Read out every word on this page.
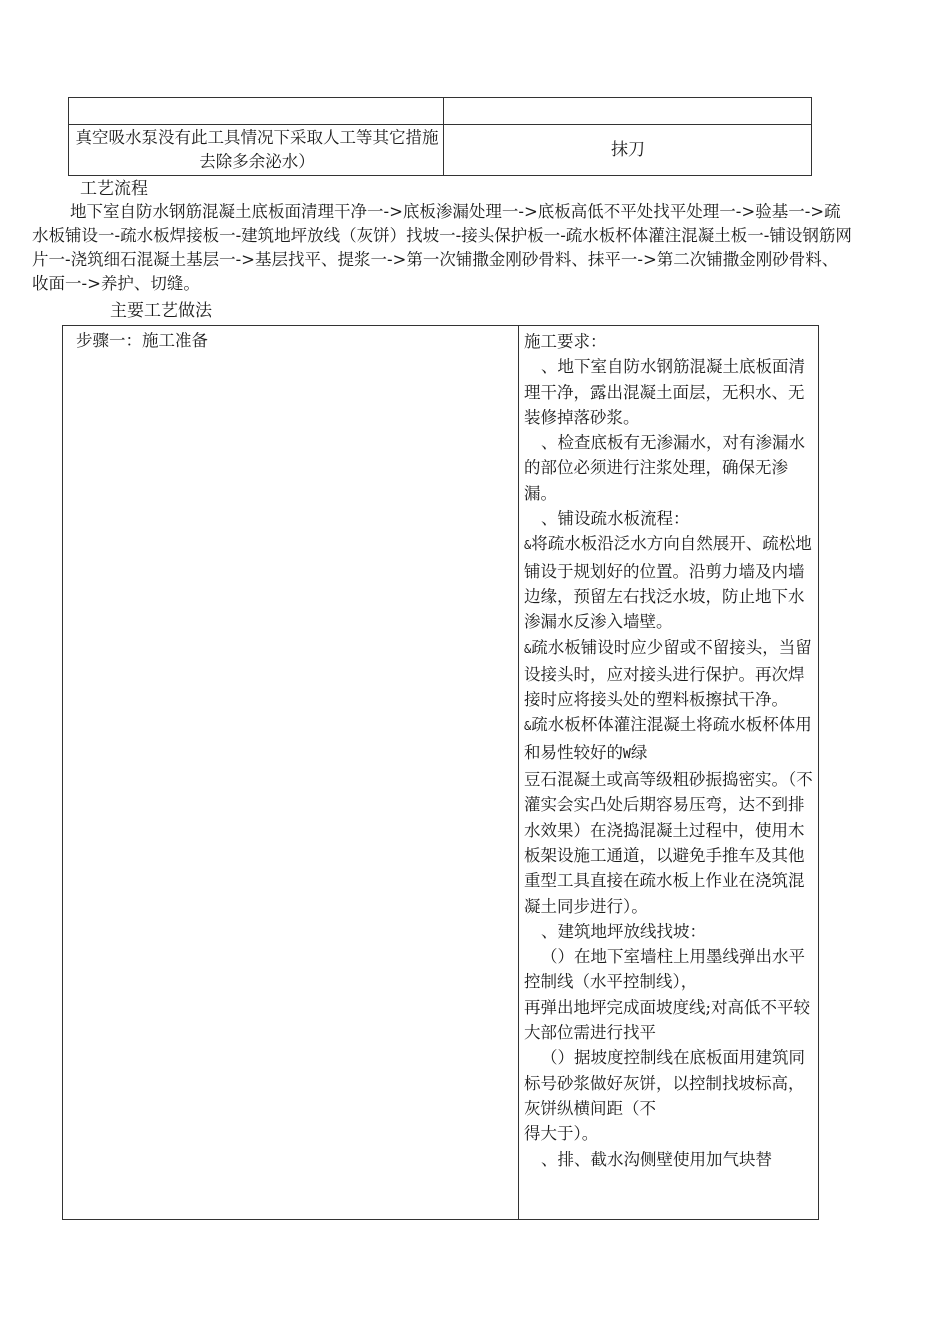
真空吸水泵没有此工具情况下采取人工等其它措施去除多余泌水）
抹刀
工艺流程
地下室自防水钢筋混凝土底板面清理干净一->底板渗漏处理一->底板高低不平处找平处理一->验基一->疏水板铺设一-疏水板焊接板一-建筑地坪放线（灰饼）找坡一-接头保护板一-疏水板杯体灌注混凝土板一-铺设钢筋网片一-浇筑细石混凝土基层一->基层找平、提浆一->第一次铺撒金刚砂骨料、抹平一->第二次铺撒金刚砂骨料、收面一->养护、切缝。
主要工艺做法
步骤一：施工准备	施工要求：

、地下室自防水钢筋混凝土底板面清理干净，露出混凝土面层，无积水、无装修掉落砂浆。

、检查底板有无渗漏水，对有渗漏水的部位必须进行注浆处理，确保无渗漏。

、铺设疏水板流程：

&将疏水板沿泛水方向自然展开、疏松地铺设于规划好的位置。沿剪力墙及内墙边缘，预留左右找泛水坡，防止地下水渗漏水反渗入墙壁。

&疏水板铺设时应少留或不留接头，当留设接头时，应对接头进行保护。再次焊接时应将接头处的塑料板擦拭干净。

&疏水板杯体灌注混凝土将疏水板杯体用和易性较好的W绿

豆石混凝土或高等级粗砂振捣密实。（不灌实会实凸处后期容易压弯，达不到排水效果）在浇捣混凝土过程中，使用木板架设施工通道，以避免手推车及其他重型工具直接在疏水板上作业在浇筑混凝土同步进行）。

、建筑地坪放线找坡：

（）在地下室墙柱上用墨线弹出水平控制线（水平控制线），

再弹出地坪完成面坡度线;对高低不平较大部位需进行找平

（）据坡度控制线在底板面用建筑同标号砂浆做好灰饼，以控制找坡标高，灰饼纵横间距（不

得大于）。

、排、截水沟侧壁使用加气块替
